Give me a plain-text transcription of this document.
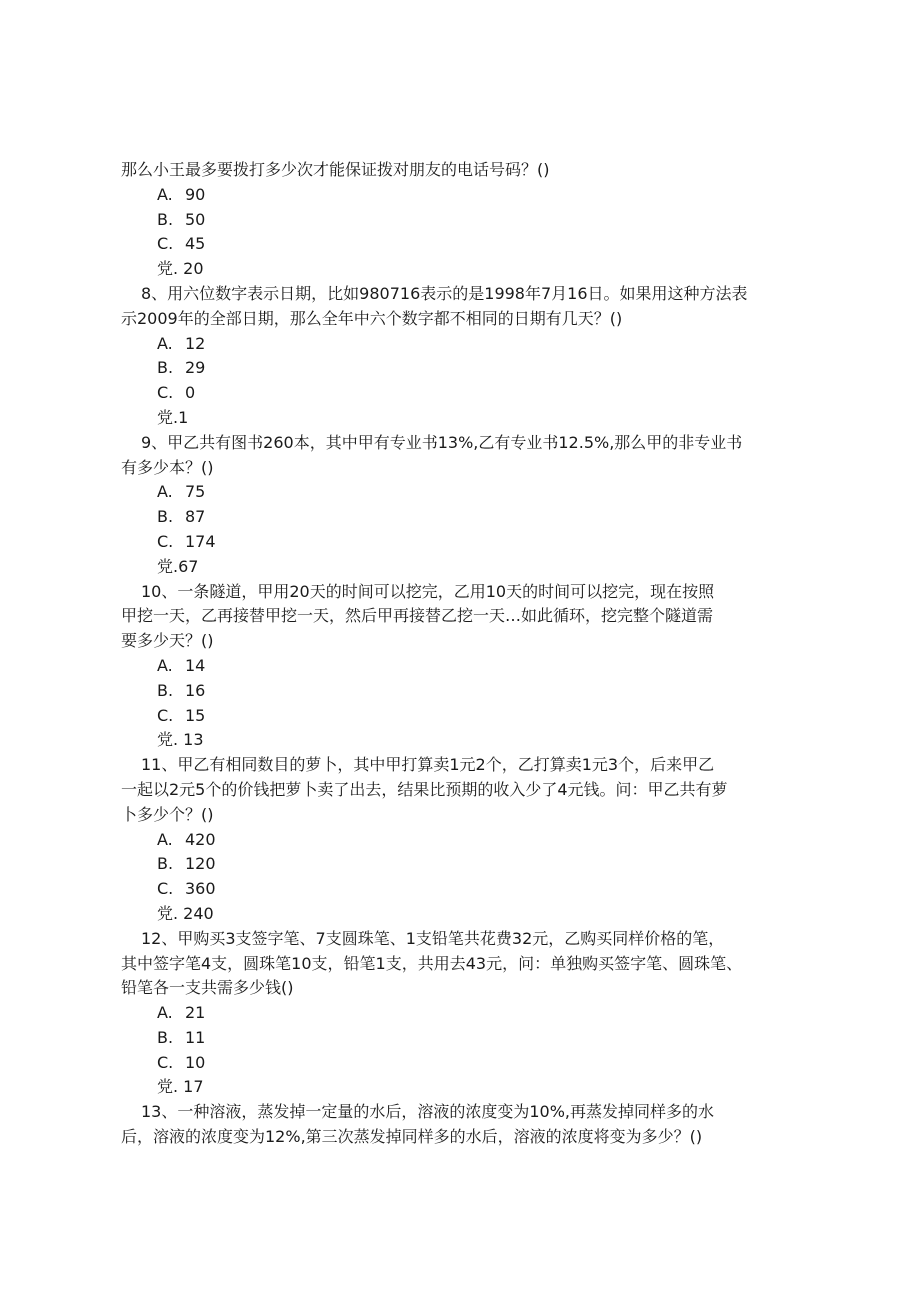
那么小王最多要拨打多少次才能保证拨对朋友的电话号码？()
A. 90
B. 50
C. 45
党. 20
8、用六位数字表示日期，比如980716表示的是1998年7月16日。如果用这种方法表
示2009年的全部日期，那么全年中六个数字都不相同的日期有几天？()
A. 12
B. 29
C. 0
党.1
9、甲乙共有图书260本，其中甲有专业书13%,乙有专业书12.5%,那么甲的非专业书
有多少本？()
A. 75
B. 87
C. 174
党.67
10、一条隧道，甲用20天的时间可以挖完，乙用10天的时间可以挖完，现在按照
甲挖一天，乙再接替甲挖一天，然后甲再接替乙挖一天…如此循环，挖完整个隧道需
要多少天？()
A. 14
B. 16
C. 15
党. 13
11、甲乙有相同数目的萝卜，其中甲打算卖1元2个，乙打算卖1元3个，后来甲乙
一起以2元5个的价钱把萝卜卖了出去，结果比预期的收入少了4元钱。问：甲乙共有萝
卜多少个？()
A. 420
B. 120
C. 360
党. 240
12、甲购买3支签字笔、7支圆珠笔、1支铅笔共花费32元，乙购买同样价格的笔，
其中签字笔4支，圆珠笔10支，铅笔1支，共用去43元，问：单独购买签字笔、圆珠笔、
铅笔各一支共需多少钱()
A. 21
B. 11
C. 10
党. 17
13、一种溶液，蒸发掉一定量的水后，溶液的浓度变为10%,再蒸发掉同样多的水
后，溶液的浓度变为12%,第三次蒸发掉同样多的水后，溶液的浓度将变为多少？()
